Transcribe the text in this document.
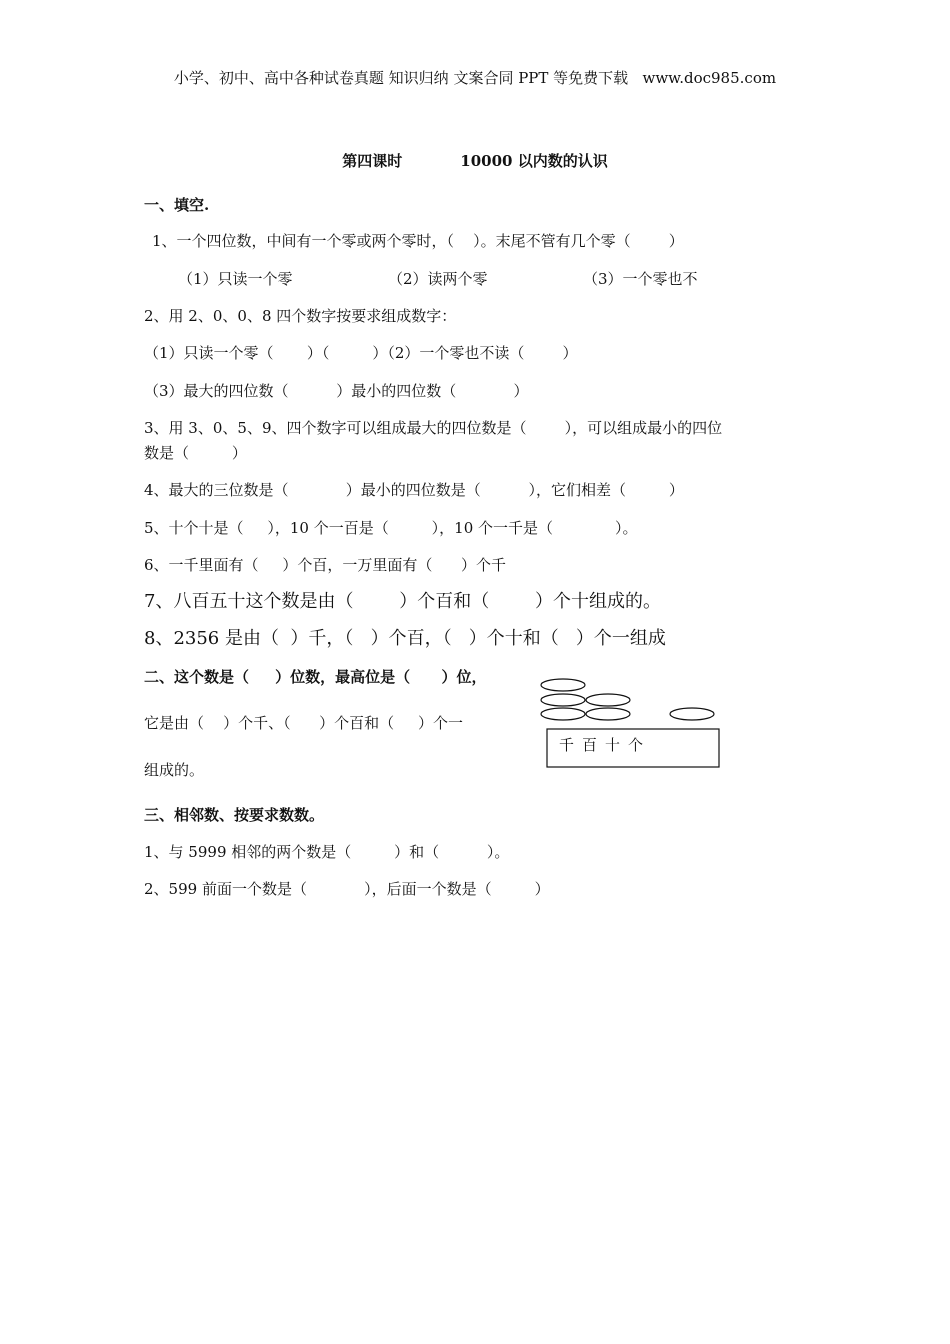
小学、初中、高中各种试卷真题 知识归纳 文案合同 PPT 等免费下载   www.doc985.com
第四课时	10000 以内数的认识
一、填空.
1、一个四位数，中间有一个零或两个零时，（    ）。末尾不管有几个零（        ）
（1）只读一个零	（2）读两个零	（3）一个零也不
2、用 2、0、0、8 四个数字按要求组成数字：
（1）只读一个零（       ）（         ）（2）一个零也不读（        ）
（3）最大的四位数（          ）最小的四位数（            ）
3、用 3、0、5、9、四个数字可以组成最大的四位数是（        ），可以组成最小的四位
数是（         ）
4、最大的三位数是（            ）最小的四位数是（          ），它们相差（         ）
5、十个十是（     ），10 个一百是（         ），10 个一千是（             ）。
6、一千里面有（     ）个百，一万里面有（      ）个千
7、八百五十这个数是由（        ）个百和（        ）个十组成的。
8、2356 是由（  ）千，（   ）个百，（   ）个十和（   ）个一组成
二、这个数是（     ）位数，最高位是（      ）位，
它是由（    ）个千、（      ）个百和（     ）个一
组成的。
千 百 十 个
三、相邻数、按要求数数。
1、与 5999 相邻的两个数是（         ）和（          ）。
2、599 前面一个数是（            ），后面一个数是（         ）
